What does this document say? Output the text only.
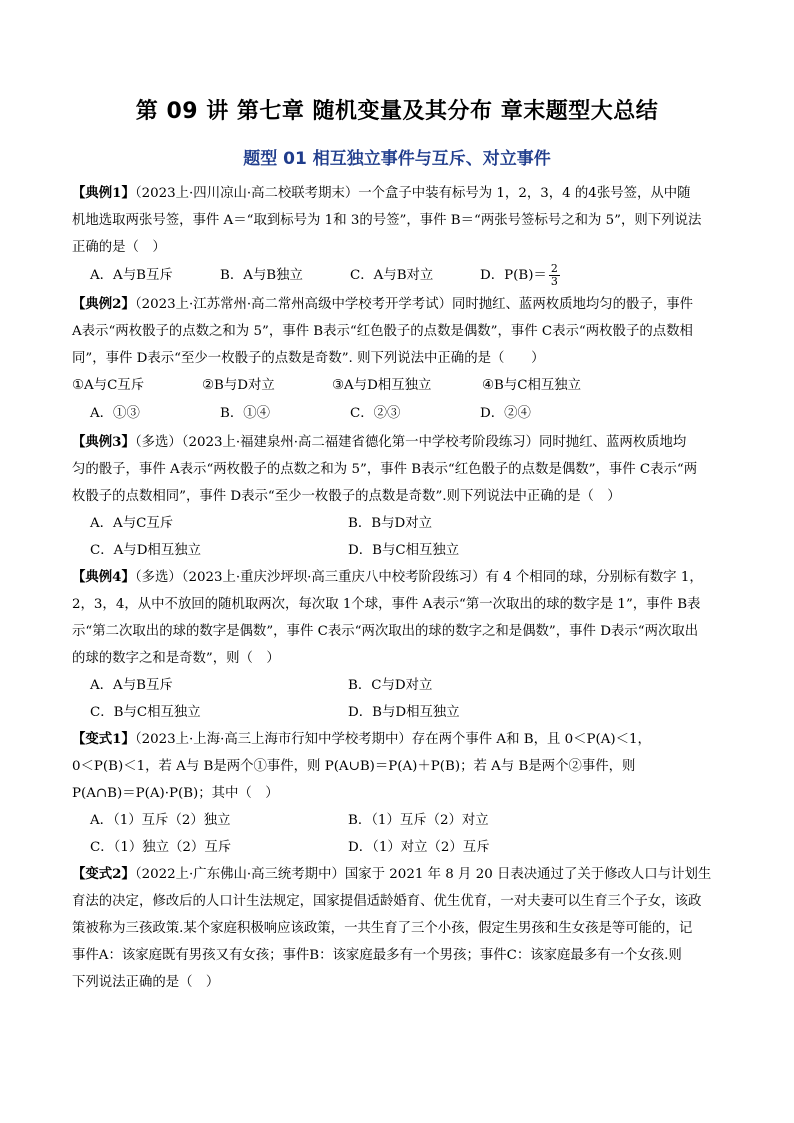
第 09 讲 第七章 随机变量及其分布 章末题型大总结
题型 01 相互独立事件与互斥、对立事件

【典例1】（2023上·四川凉山·高二校联考期末）一个盒子中装有标号为 1，2，3，4 的4张号签，从中随
机地选取两张号签，事件 A＝“取到标号为 1和 3的号签”，事件 B＝“两张号签标号之和为 5”，则下列说法
正确的是（　）

A．A与B互斥	B．A与B独立	C．A与B对立	D．$P(B)= \frac{2}{3}$

【典例2】（2023上·江苏常州·高二常州高级中学校考开学考试）同时抛红、蓝两枚质地均匀的骰子，事件
A表示“两枚骰子的点数之和为 5”，事件 B表示“红色骰子的点数是偶数”，事件 C表示“两枚骰子的点数相
同”，事件 D表示“至少一枚骰子的点数是奇数”. 则下列说法中正确的是（　　）

①A与C互斥	②B与D对立	③A与D相互独立	④B与C相互独立
A．①③	B．①④	C．②③	D．②④

【典例3】（多选）（2023上·福建泉州·高二福建省德化第一中学校考阶段练习）同时抛红、蓝两枚质地均
匀的骰子，事件 A表示“两枚骰子的点数之和为 5”，事件 B表示“红色骰子的点数是偶数”，事件 C表示“两
枚骰子的点数相同”，事件 D表示“至少一枚骰子的点数是奇数”.则下列说法中正确的是（　）

A．A与C互斥	B．B与D对立
C．A与D相互独立	D．B与C相互独立

【典例4】（多选）（2023上·重庆沙坪坝·高三重庆八中校考阶段练习）有 4 个相同的球，分别标有数字 1，
2，3，4，从中不放回的随机取两次，每次取 1个球，事件 A表示“第一次取出的球的数字是 1”，事件 B表
示“第二次取出的球的数字是偶数”，事件 C表示“两次取出的球的数字之和是偶数”，事件 D表示“两次取出
的球的数字之和是奇数”，则（　）

A．A与B互斥	B．C与D对立
C．B与C相互独立	D．B与D相互独立

【变式1】（2023上·上海·高三上海市行知中学校考期中）存在两个事件 A和 B，且 0＜P(A)＜1，
0＜P(B)＜1，若 A与 B是两个①事件，则 P(A∪B)＝P(A)＋P(B)；若 A与 B是两个②事件，则
P(A∩B)＝P(A)·P(B)；其中（　）

A．（1）互斥（2）独立	B．（1）互斥（2）对立
C．（1）独立（2）互斥	D．（1）对立（2）互斥

【变式2】（2022上·广东佛山·高三统考期中）国家于 2021 年 8 月 20 日表决通过了关于修改人口与计划生
育法的决定，修改后的人口计生法规定，国家提倡适龄婚育、优生优育，一对夫妻可以生育三个子女，该政
策被称为三孩政策.某个家庭积极响应该政策，一共生育了三个小孩，假定生男孩和生女孩是等可能的，记
事件A：该家庭既有男孩又有女孩；事件B：该家庭最多有一个男孩；事件C：该家庭最多有一个女孩.则
下列说法正确的是（　）
